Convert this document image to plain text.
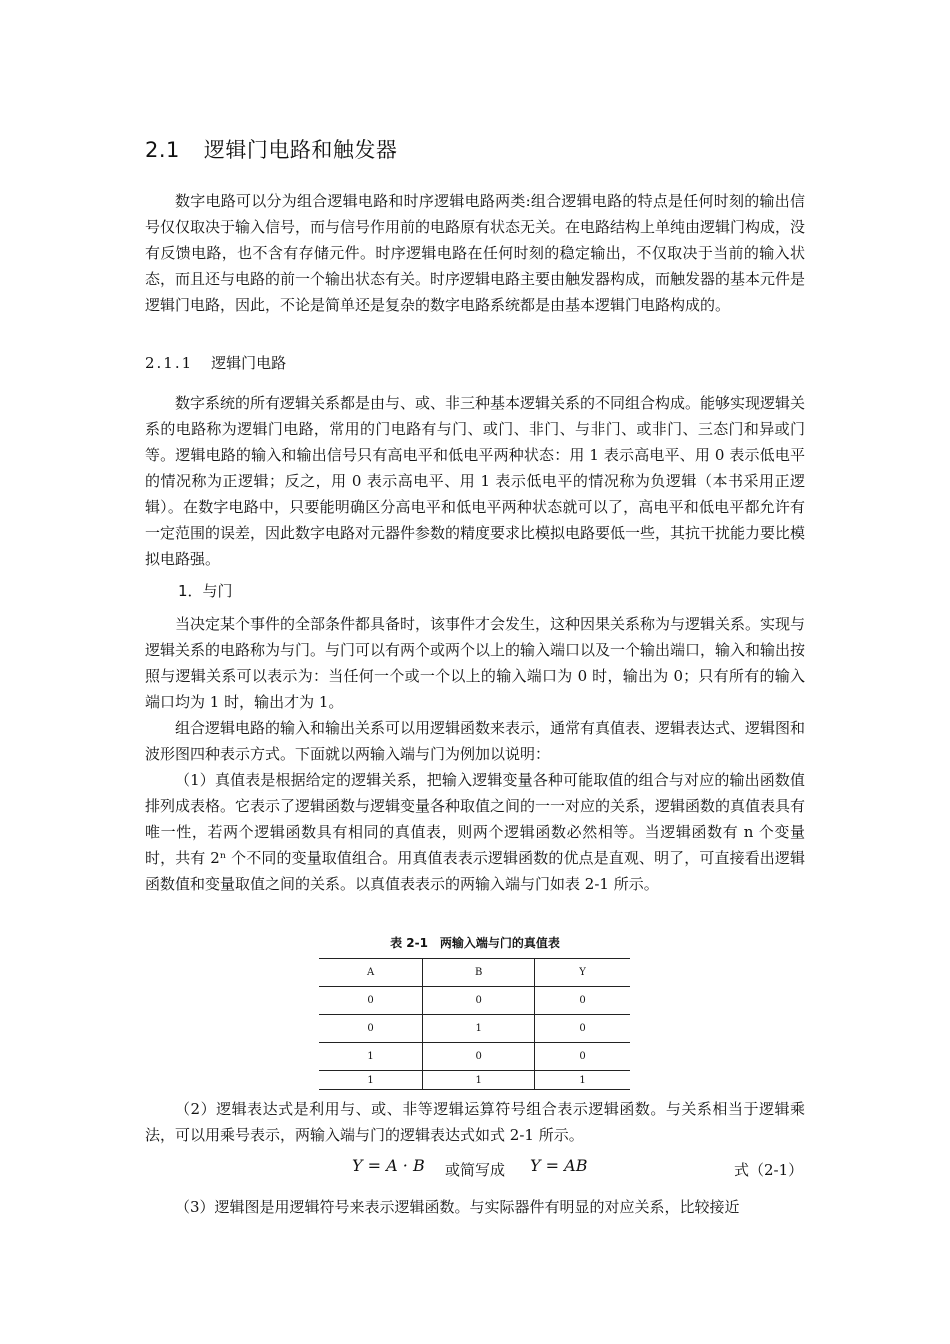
2.1 逻辑门电路和触发器

数字电路可以分为组合逻辑电路和时序逻辑电路两类:组合逻辑电路的特点是任何时刻的输出信号仅仅取决于输入信号，而与信号作用前的电路原有状态无关。在电路结构上单纯由逻辑门构成，没有反馈电路，也不含有存储元件。时序逻辑电路在任何时刻的稳定输出，不仅取决于当前的输入状态，而且还与电路的前一个输出状态有关。时序逻辑电路主要由触发器构成，而触发器的基本元件是逻辑门电路，因此，不论是简单还是复杂的数字电路系统都是由基本逻辑门电路构成的。

2.1.1 逻辑门电路

数字系统的所有逻辑关系都是由与、或、非三种基本逻辑关系的不同组合构成。能够实现逻辑关系的电路称为逻辑门电路，常用的门电路有与门、或门、非门、与非门、或非门、三态门和异或门等。逻辑电路的输入和输出信号只有高电平和低电平两种状态：用 1 表示高电平、用 0 表示低电平的情况称为正逻辑；反之，用 0 表示高电平、用 1 表示低电平的情况称为负逻辑（本书采用正逻辑）。在数字电路中，只要能明确区分高电平和低电平两种状态就可以了，高电平和低电平都允许有一定范围的误差，因此数字电路对元器件参数的精度要求比模拟电路要低一些，其抗干扰能力要比模拟电路强。

1．与门

当决定某个事件的全部条件都具备时，该事件才会发生，这种因果关系称为与逻辑关系。实现与逻辑关系的电路称为与门。与门可以有两个或两个以上的输入端口以及一个输出端口，输入和输出按照与逻辑关系可以表示为：当任何一个或一个以上的输入端口为 0 时，输出为 0；只有所有的输入端口均为 1 时，输出才为 1。

组合逻辑电路的输入和输出关系可以用逻辑函数来表示，通常有真值表、逻辑表达式、逻辑图和波形图四种表示方式。下面就以两输入端与门为例加以说明：

（1）真值表是根据给定的逻辑关系，把输入逻辑变量各种可能取值的组合与对应的输出函数值排列成表格。它表示了逻辑函数与逻辑变量各种取值之间的一一对应的关系，逻辑函数的真值表具有唯一性，若两个逻辑函数具有相同的真值表，则两个逻辑函数必然相等。当逻辑函数有 n 个变量时，共有 2ⁿ 个不同的变量取值组合。用真值表表示逻辑函数的优点是直观、明了，可直接看出逻辑函数值和变量取值之间的关系。以真值表表示的两输入端与门如表 2-1 所示。

表 2-1　两输入端与门的真值表
A	B	Y
0	0	0
0	1	0
1	0	0
1	1	1

（2）逻辑表达式是利用与、或、非等逻辑运算符号组合表示逻辑函数。与关系相当于逻辑乘法，可以用乘号表示，两输入端与门的逻辑表达式如式 2-1 所示。

Y = A · B 或简写成 Y = AB	式（2-1）

（3）逻辑图是用逻辑符号来表示逻辑函数。与实际器件有明显的对应关系，比较接近
